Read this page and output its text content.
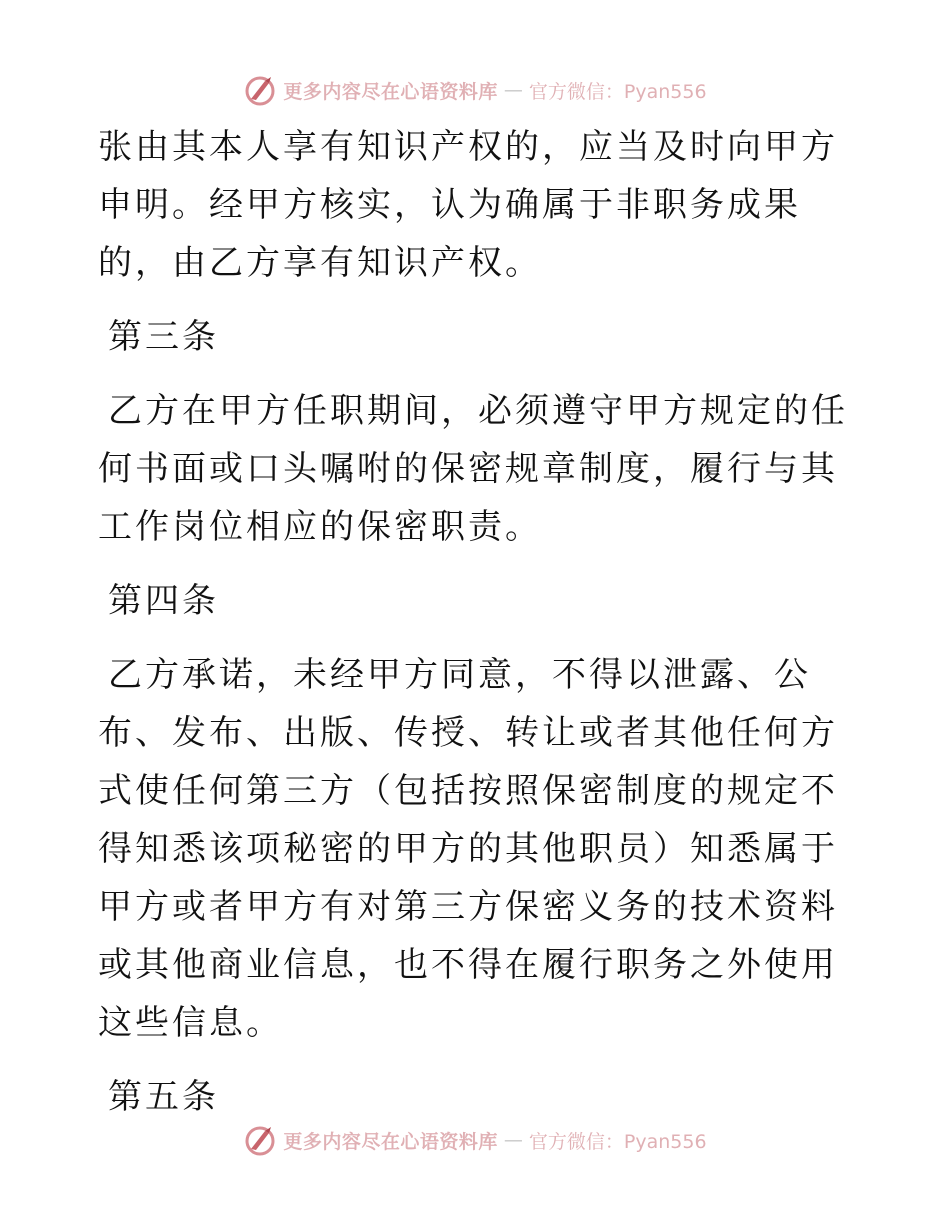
更多内容尽在心语资料库 — 官方微信：Pyan556

张由其本人享有知识产权的，应当及时向甲方申明。经甲方核实，认为确属于非职务成果的，由乙方享有知识产权。

第三条

乙方在甲方任职期间，必须遵守甲方规定的任何书面或口头嘱咐的保密规章制度，履行与其工作岗位相应的保密职责。

第四条

乙方承诺，未经甲方同意，不得以泄露、公布、发布、出版、传授、转让或者其他任何方式使任何第三方（包括按照保密制度的规定不得知悉该项秘密的甲方的其他职员）知悉属于甲方或者甲方有对第三方保密义务的技术资料或其他商业信息，也不得在履行职务之外使用这些信息。

第五条

更多内容尽在心语资料库 — 官方微信：Pyan556
